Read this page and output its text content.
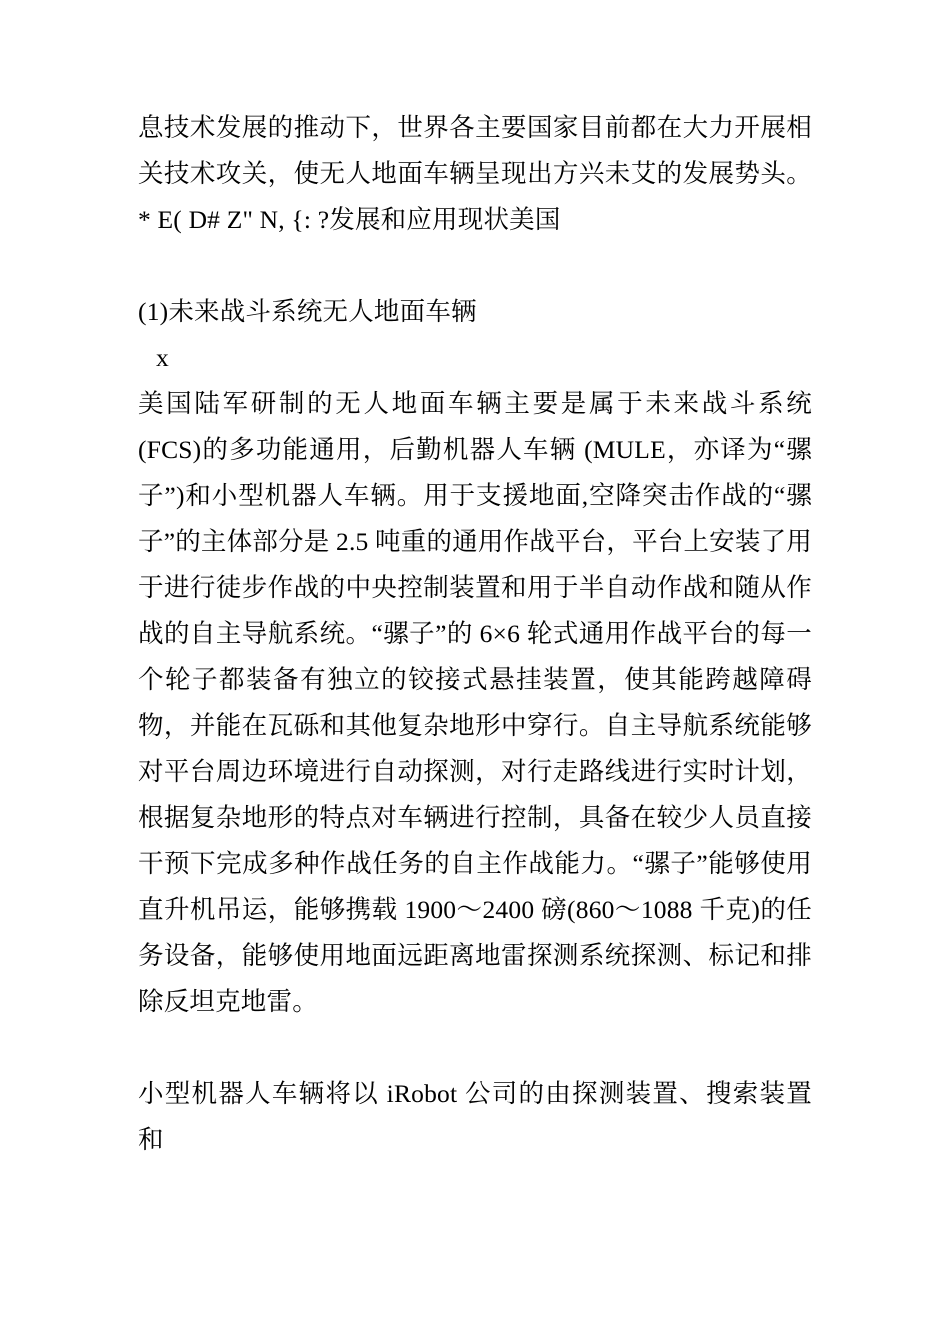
息技术发展的推动下，世界各主要国家目前都在大力开展相关技术攻关，使无人地面车辆呈现出方兴未艾的发展势头。* E( D# Z" N, {: ?发展和应用现状美国

(1)未来战斗系统无人地面车辆

x

美国陆军研制的无人地面车辆主要是属于未来战斗系统(FCS)的多功能通用，后勤机器人车辆 (MULE，亦译为“骡子”)和小型机器人车辆。用于支援地面,空降突击作战的“骡子”的主体部分是 2.5 吨重的通用作战平台，平台上安装了用于进行徒步作战的中央控制装置和用于半自动作战和随从作战的自主导航系统。“骡子”的 6×6 轮式通用作战平台的每一个轮子都装备有独立的铰接式悬挂装置，使其能跨越障碍物，并能在瓦砾和其他复杂地形中穿行。自主导航系统能够对平台周边环境进行自动探测，对行走路线进行实时计划，根据复杂地形的特点对车辆进行控制，具备在较少人员直接干预下完成多种作战任务的自主作战能力。“骡子”能够使用直升机吊运，能够携载 1900～2400 磅(860～1088 千克)的任务设备，能够使用地面远距离地雷探测系统探测、标记和排除反坦克地雷。

小型机器人车辆将以 iRobot 公司的由探测装置、搜索装置和
